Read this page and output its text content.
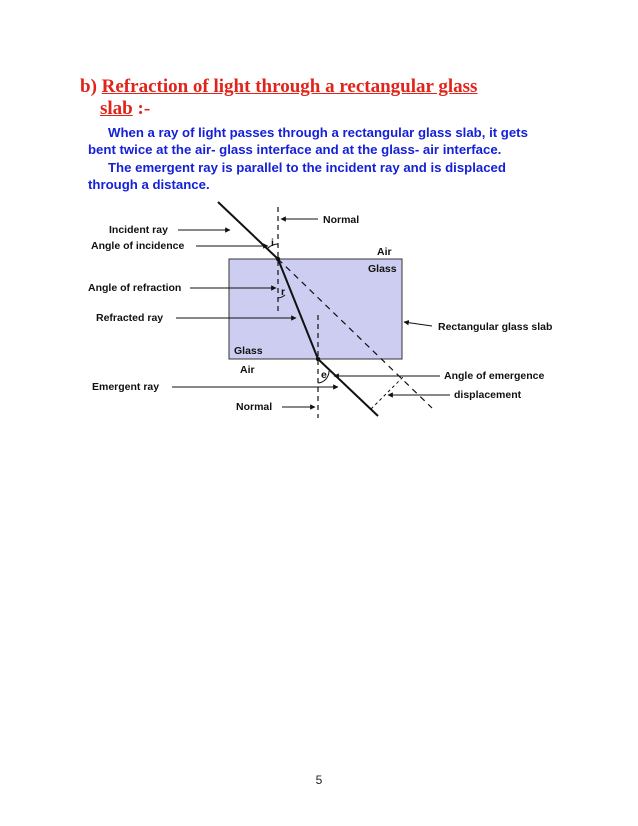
b) Refraction of light through a rectangular glass
slab :-
When a ray of light passes through a rectangular glass slab, it gets
bent twice at the air- glass interface and at the glass- air interface.
The emergent ray is parallel to the incident ray and is displaced
through a distance.
i
r
e
Incident ray
Angle of incidence
Angle of refraction
Refracted ray
Emergent ray
Normal
Normal
Air
Glass
Glass
Air
Rectangular glass slab
Angle of emergence
displacement
5
